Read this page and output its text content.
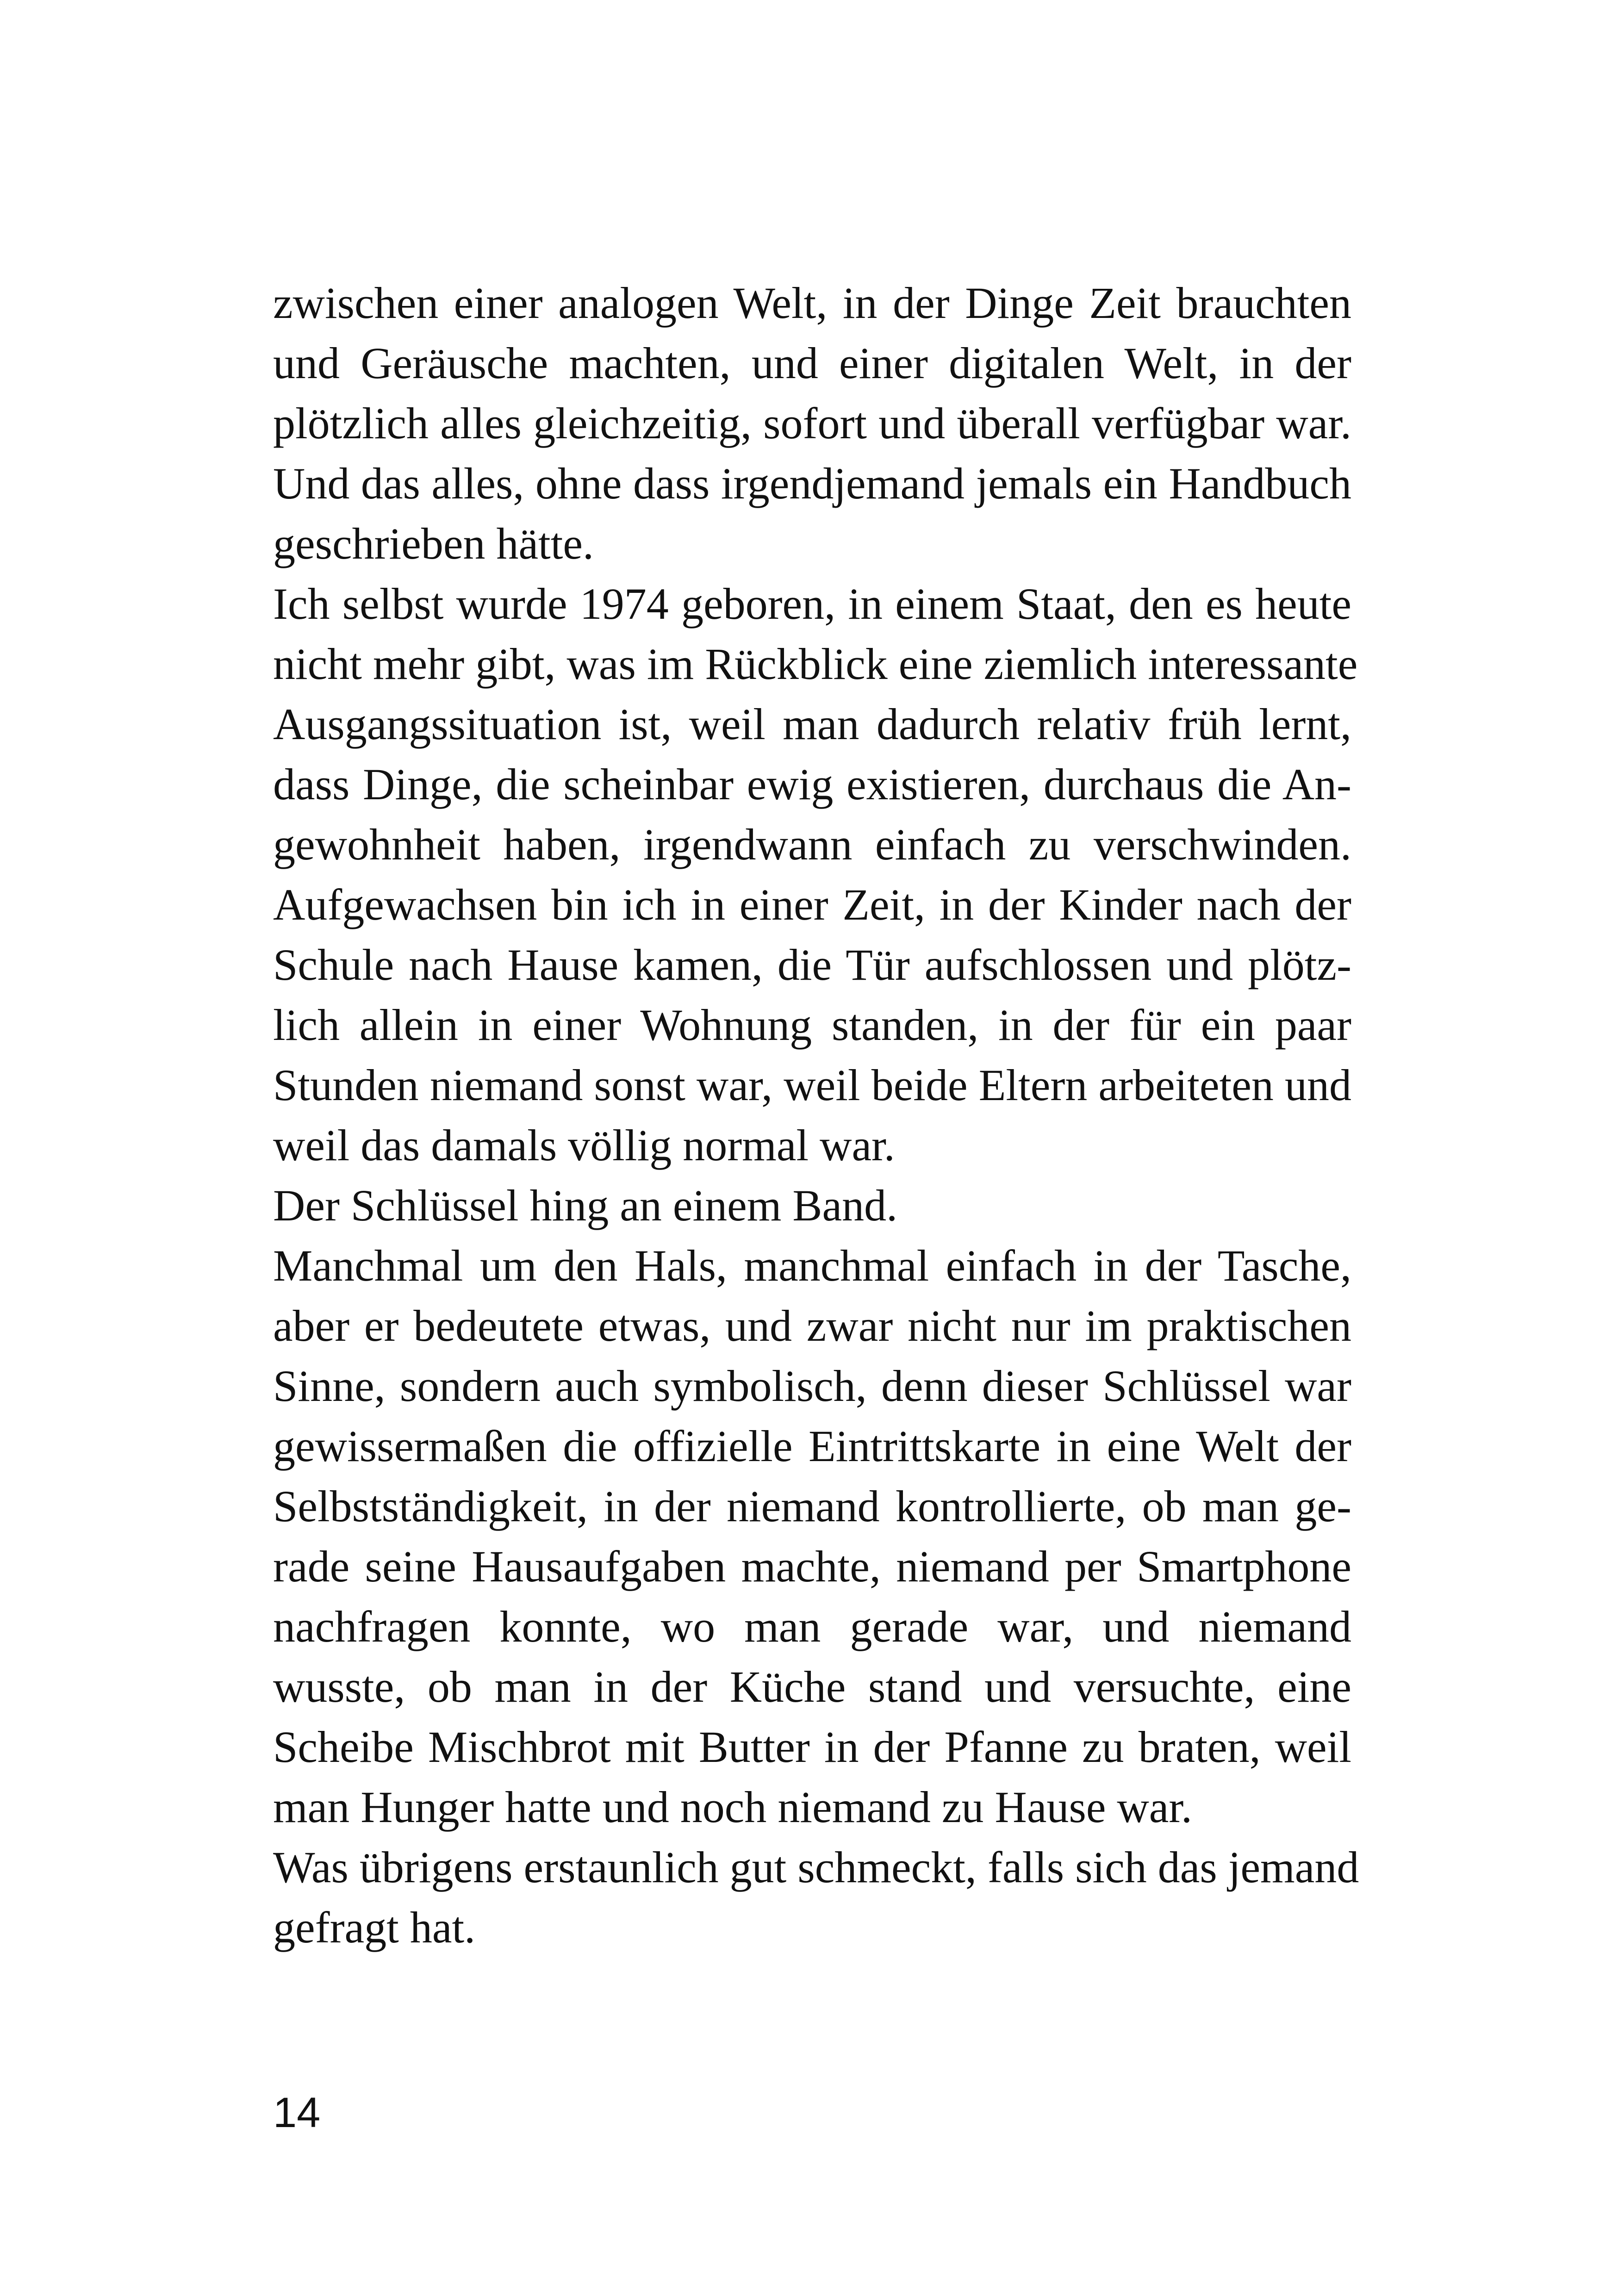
zwischen einer analogen Welt, in der Dinge Zeit brauchten
und Geräusche machten, und einer digitalen Welt, in der
plötzlich alles gleichzeitig, sofort und überall verfügbar war.
Und das alles, ohne dass irgendjemand jemals ein Handbuch
geschrieben hätte.
Ich selbst wurde 1974 geboren, in einem Staat, den es heute
nicht mehr gibt, was im Rückblick eine ziemlich interessante
Ausgangssituation ist, weil man dadurch relativ früh lernt,
dass Dinge, die scheinbar ewig existieren, durchaus die An-
gewohnheit haben, irgendwann einfach zu verschwinden.
Aufgewachsen bin ich in einer Zeit, in der Kinder nach der
Schule nach Hause kamen, die Tür aufschlossen und plötz-
lich allein in einer Wohnung standen, in der für ein paar
Stunden niemand sonst war, weil beide Eltern arbeiteten und
weil das damals völlig normal war.
Der Schlüssel hing an einem Band.
Manchmal um den Hals, manchmal einfach in der Tasche,
aber er bedeutete etwas, und zwar nicht nur im praktischen
Sinne, sondern auch symbolisch, denn dieser Schlüssel war
gewissermaßen die offizielle Eintrittskarte in eine Welt der
Selbstständigkeit, in der niemand kontrollierte, ob man ge-
rade seine Hausaufgaben machte, niemand per Smartphone
nachfragen konnte, wo man gerade war, und niemand
wusste, ob man in der Küche stand und versuchte, eine
Scheibe Mischbrot mit Butter in der Pfanne zu braten, weil
man Hunger hatte und noch niemand zu Hause war.
Was übrigens erstaunlich gut schmeckt, falls sich das jemand
gefragt hat.
14
